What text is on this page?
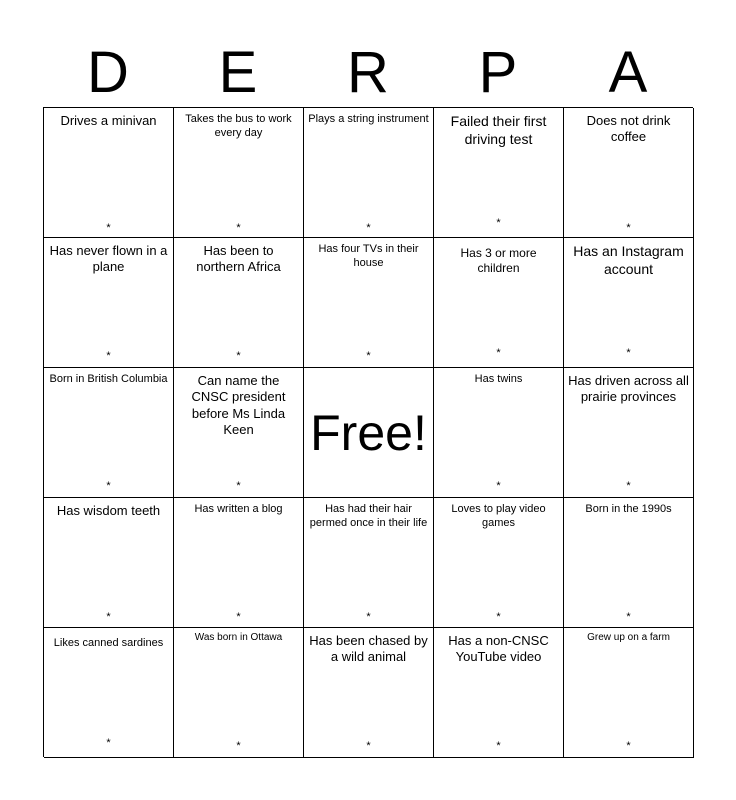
D	E	R	P	A
Drives a minivan
*
Takes the bus to work every day
*
Plays a string instrument
*
Failed their first driving test
*
Does not drink coffee
*
Has never flown in a plane
*
Has been to northern Africa
*
Has four TVs in their house
*
Has 3 or more children
*
Has an Instagram account
*
Born in British Columbia
*
Can name the CNSC president before Ms Linda Keen
*
Free!
Has twins
*
Has driven across all prairie provinces
*
Has wisdom teeth
*
Has written a blog
*
Has had their hair permed once in their life
*
Loves to play video games
*
Born in the 1990s
*
Likes canned sardines
*
Was born in Ottawa
*
Has been chased by a wild animal
*
Has a non-CNSC YouTube video
*
Grew up on a farm
*
